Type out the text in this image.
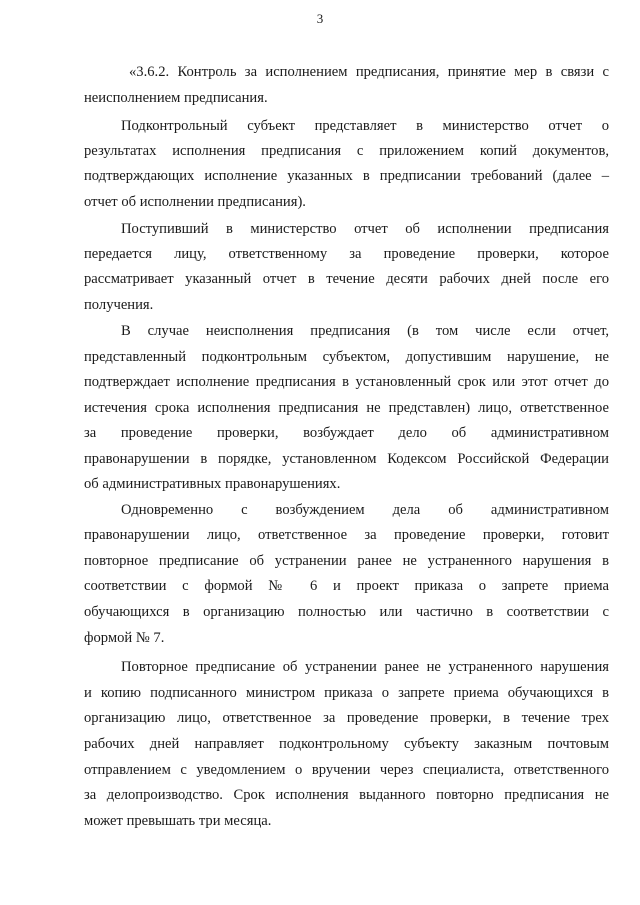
3
«3.6.2. Контроль за исполнением предписания, принятие мер в связи с
неисполнением предписания.
Подконтрольный субъект представляет в министерство отчет о
результатах исполнения предписания с приложением копий документов,
подтверждающих исполнение указанных в предписании требований (далее –
отчет об исполнении предписания).
Поступивший в министерство отчет об исполнении предписания
передается лицу, ответственному за проведение проверки, которое
рассматривает указанный отчет в течение десяти рабочих дней после его
получения.
В случае неисполнения предписания (в том числе если отчет,
представленный подконтрольным субъектом, допустившим нарушение, не
подтверждает исполнение предписания в установленный срок или этот отчет до
истечения срока исполнения предписания не представлен) лицо, ответственное
за проведение проверки, возбуждает дело об административном
правонарушении в порядке, установленном Кодексом Российской Федерации
об административных правонарушениях.
Одновременно с возбуждением дела об административном
правонарушении лицо, ответственное за проведение проверки, готовит
повторное предписание об устранении ранее не устраненного нарушения в
соответствии с формой № 6 и проект приказа о запрете приема
обучающихся в организацию полностью или частично в соответствии с
формой № 7.
Повторное предписание об устранении ранее не устраненного нарушения
и копию подписанного министром приказа о запрете приема обучающихся в
организацию лицо, ответственное за проведение проверки, в течение трех
рабочих дней направляет подконтрольному субъекту заказным почтовым
отправлением с уведомлением о вручении через специалиста, ответственного
за делопроизводство. Срок исполнения выданного повторно предписания не
может превышать три месяца.
